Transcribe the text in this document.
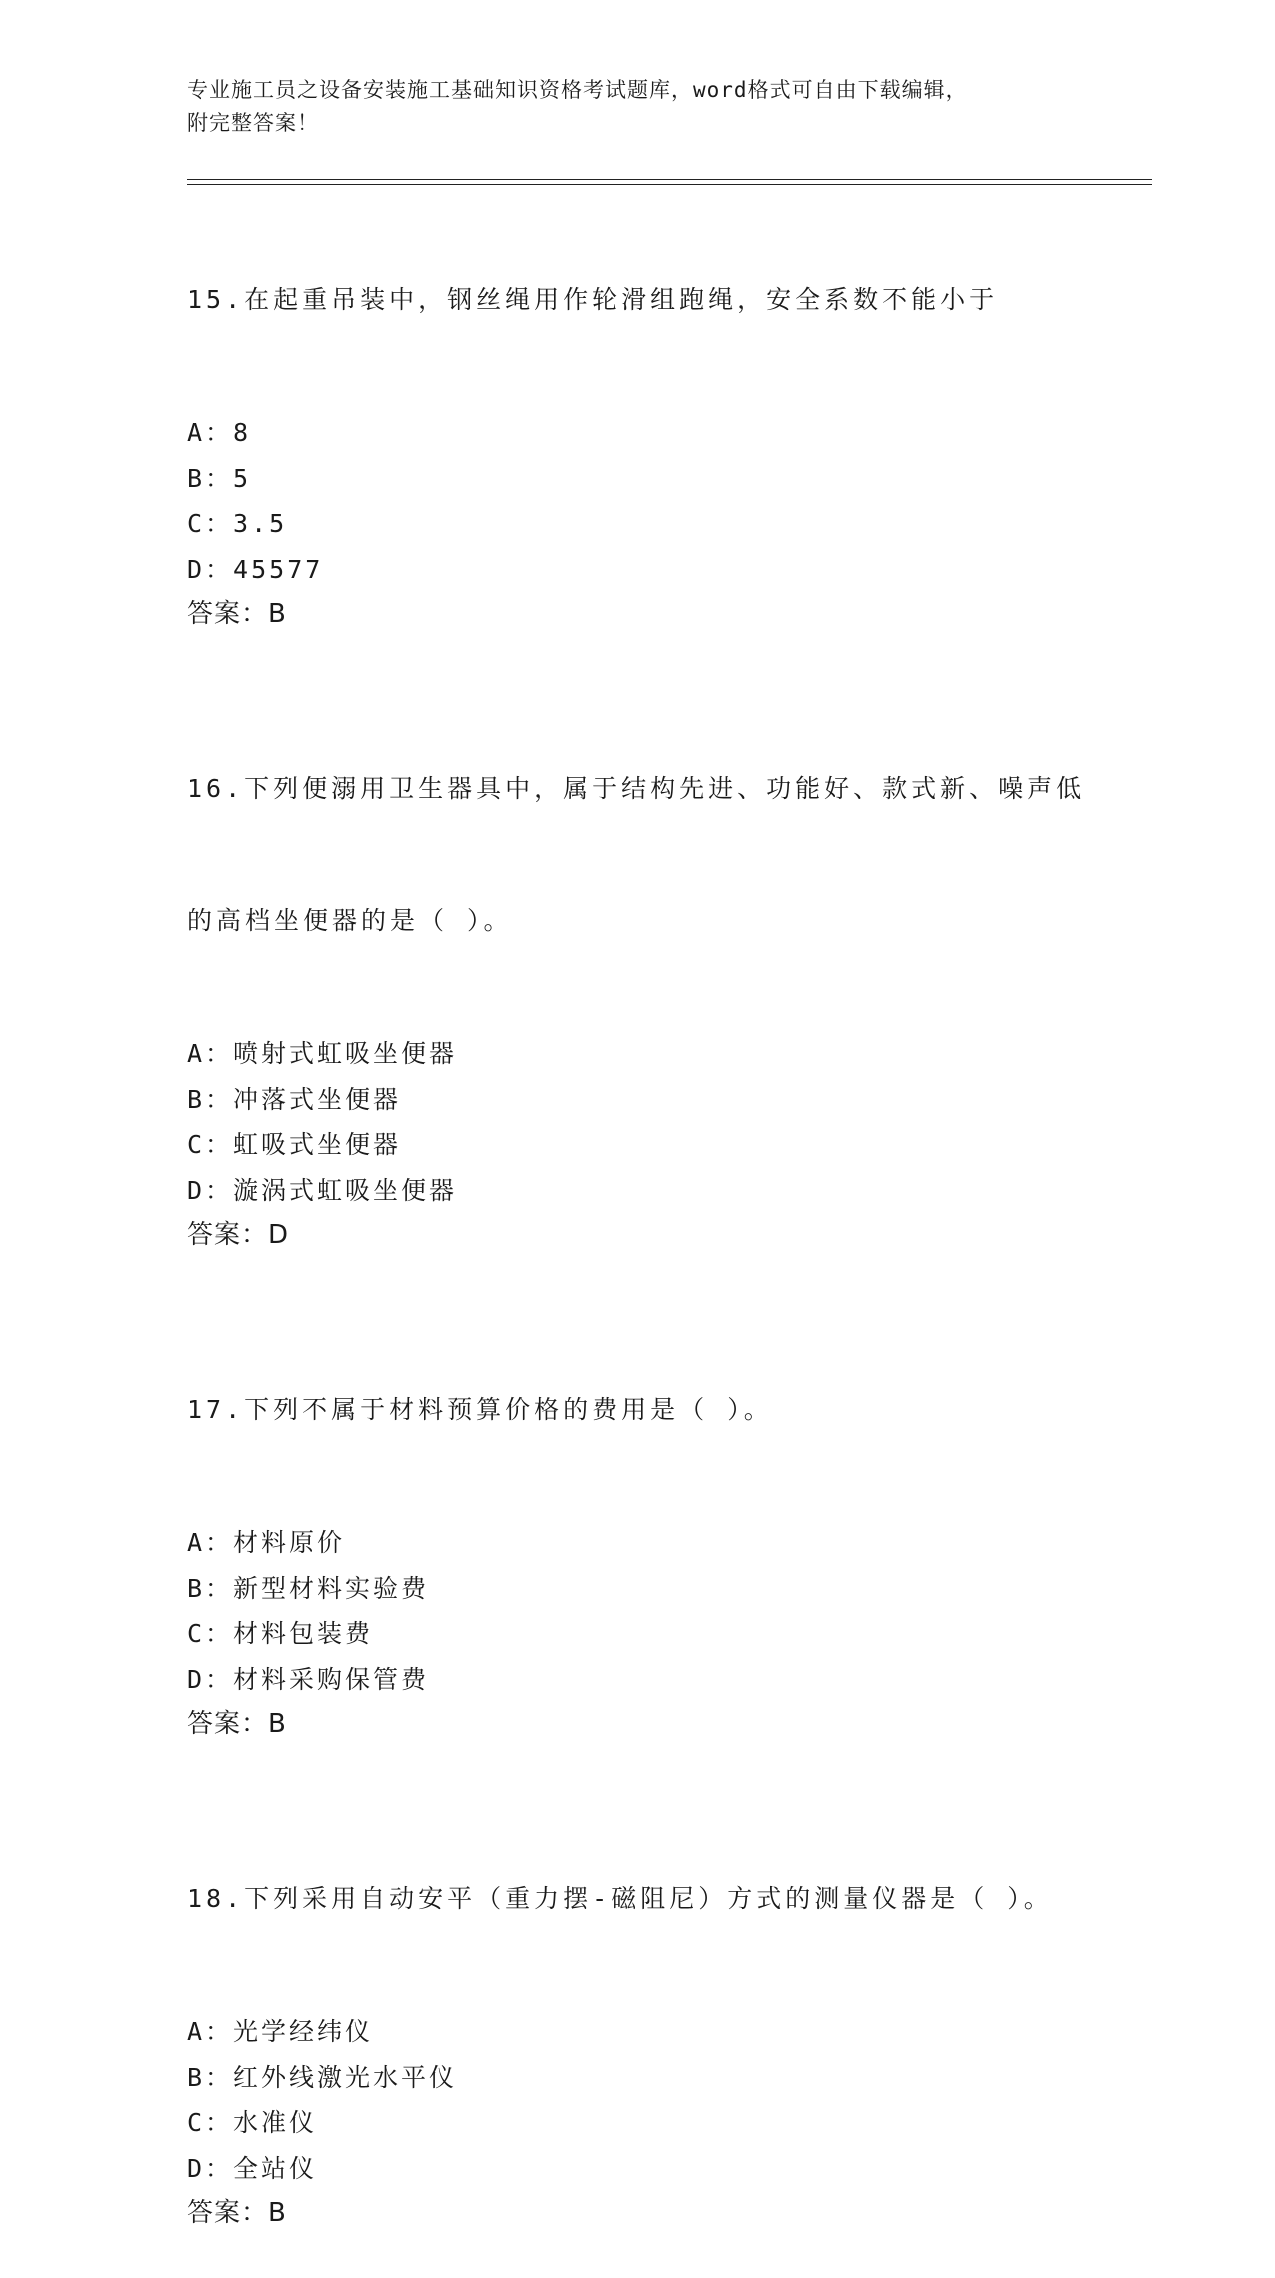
专业施工员之设备安装施工基础知识资格考试题库，word格式可自由下载编辑，
附完整答案！

15.在起重吊装中，钢丝绳用作轮滑组跑绳，安全系数不能小于

A：8
B：5
C：3.5
D：45577
答案：B

16.下列便溺用卫生器具中，属于结构先进、功能好、款式新、噪声低

的高档坐便器的是（ ）。

A：喷射式虹吸坐便器
B：冲落式坐便器
C：虹吸式坐便器
D：漩涡式虹吸坐便器
答案：D

17.下列不属于材料预算价格的费用是（ ）。

A：材料原价
B：新型材料实验费
C：材料包装费
D：材料采购保管费
答案：B

18.下列采用自动安平（重力摆-磁阻尼）方式的测量仪器是（ ）。

A：光学经纬仪
B：红外线激光水平仪
C：水准仪
D：全站仪
答案：B
